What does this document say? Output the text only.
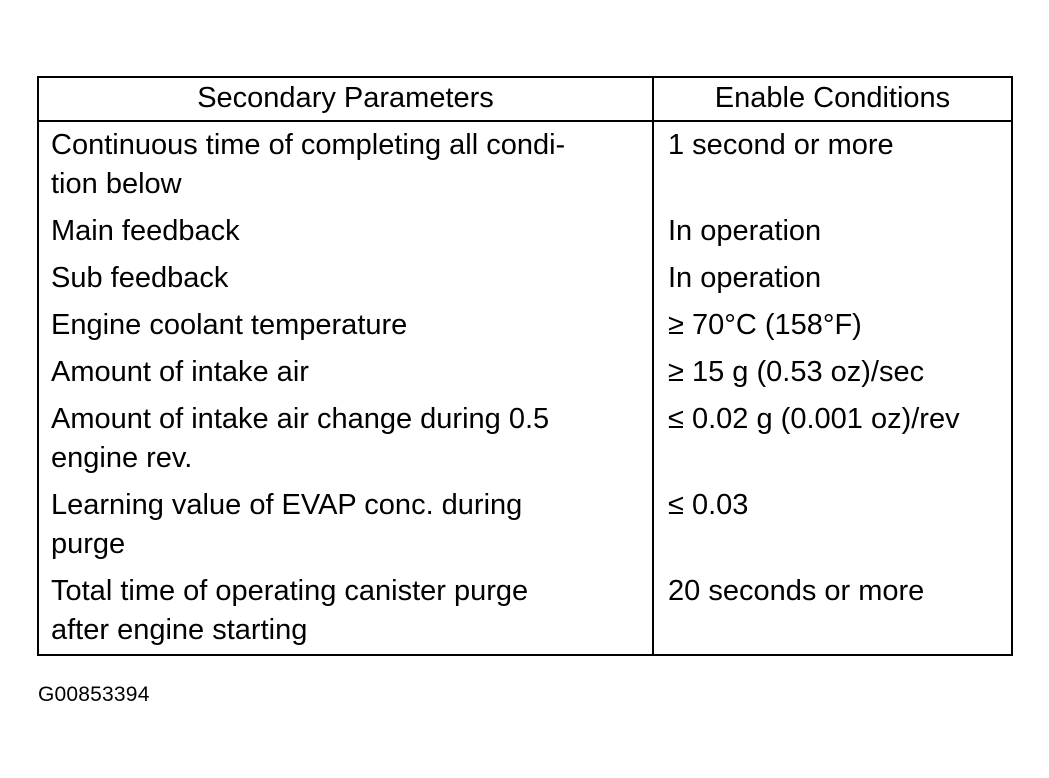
Secondary Parameters	Enable Conditions

Continuous time of completing all condi-
tion below	1 second or more

Main feedback	In operation

Sub feedback	In operation

Engine coolant temperature	≥ 70°C (158°F)

Amount of intake air	≥ 15 g (0.53 oz)/sec

Amount of intake air change during 0.5
engine rev.	≤ 0.02 g (0.001 oz)/rev

Learning value of EVAP conc. during
purge	≤ 0.03

Total time of operating canister purge
after engine starting	20 seconds or more
G00853394
